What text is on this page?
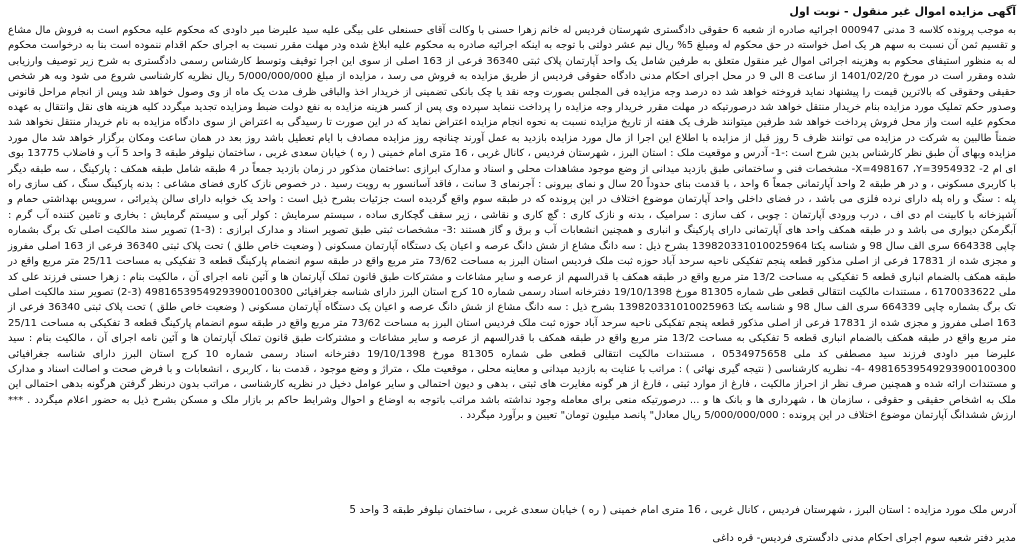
آگهی مزایده اموال غیر منقول - نوبت اول

به موجب پرونده کلاسه 3 مدنی 000947 اجرائیه صادره از شعبه 6 حقوقی دادگستری شهرستان فردیس له خانم زهرا حسنی با وکالت آقای حسنعلی علی بیگی علیه سید علیرضا میر داودی که محکوم علیه محکوم است به فروش مال مشاع و تقسیم ثمن آن نسبت به سهم هر یک اصل خواسته در حق محکوم له ومبلغ 5% ریال نیم عشر دولتی با توجه به اینکه اجرائیه صادره به محکوم علیه ابلاغ شده ودر مهلت مقرر نسبت به اجرای حکم اقدام ننموده است بنا به درخواست محکوم له به منظور استیفای محکوم به وهزینه اجرائی اموال غیر منقول متعلق به طرفین شامل یک واحد آپارتمان پلاک ثبتی 36340 فرعی از 163 اصلی از سوی این اجرا توقیف وتوسط کارشناس رسمی دادگستری به شرح زیر توصیف وارزیابی شده ومقرر است در مورخ 1401/02/20 از ساعت 8 الی 9 در محل اجرای احکام مدنی دادگاه حقوقی فردیس از طریق مزایده به فروش می رسد ، مزایده از مبلغ 5/000/000/000 ریال نظریه کارشناسی شروع می شود وبه هر شخص حقیقی وحقوقی که بالاترین قیمت را پیشنهاد نماید فروخته خواهد شد ده درصد وجه مزایده فی المجلس بصورت وجه نقد یا چک بانکی تضمینی از خریدار اخذ والباقی ظرف مدت یک ماه از وی وصول خواهد شد وپس از انجام مراحل قانونی وصدور حکم تملیک مورد مزایده بنام خریدار منتقل خواهد شد درصورتیکه در مهلت مقرر خریدار وجه مزایده را پرداخت ننماید سپرده وی پس از کسر هزینه مزایده به نفع دولت ضبط ومزایده تجدید میگردد کلیه هزینه های نقل وانتقال به عهده محکوم علیه است واز محل فروش پرداخت خواهد شد طرفین میتوانند ظرف یک هفته از تاریخ مزایده نسبت به نحوه انجام مزایده اعتراض نماید که در این صورت تا رسیدگی به اعتراض از سوی دادگاه مزایده به نام خریدار منتقل نخواهد شد ضمناً طالبین به شرکت در مزایده می توانند ظرف 5 روز قبل از مزایده با اطلاع این اجرا از مال مورد مزایده بازدید به عمل آورند چنانچه روز مزایده مصادف با ایام تعطیل باشد روز بعد در همان ساعت ومکان برگزار خواهد شد مال مورد مزایده وبهای آن طبق نظر کارشناس بدین شرح است :-1- آدرس و موقعیت ملک : استان البرز ، شهرستان فردیس ، کانال غربی ، 16 متری امام خمینی ( ره ) خیابان سعدی غربی ، ساختمان نیلوفر طبقه 3 واحد 5 آب و فاضلاب 13775 بوی ای ام X=498167 ،Y=3954932 -2- مشخصات فنی و ساختمانی طبق بازدید میدانی از وضع موجود مشاهدات محلی و اسناد و مدارک ابرازی :ساختمان مذکور در زمان بازدید جمعاً در 4 طبقه شامل طبقه همکف : پارکینگ ، سه طبقه دیگر با کاربری مسکونی ، و در هر طبقه 2 واحد آپارتمانی جمعاً 6 واحد ، با قدمت بنای حدوداً 20 سال و نمای بیرونی : آجرنمای 3 سانت ، فاقد آسانسور به رویت رسید . در خصوص نازک کاری فضای مشاعی : بدنه پارکینگ سنگ ، کف سازی راه پله : سنگ و راه پله دارای نرده فلزی می باشد ، در فضای داخلی واحد آپارتمان موضوع اختلاف در این پرونده که در طبقه سوم واقع گردیده است جزئیات بشرح ذیل است : واحد یک خوابه دارای سالن پذیرائی ، سرویس بهداشتی حمام و آشپزخانه با کابینت ام دی اف ، درب ورودی آپارتمان : چوبی ، کف سازی : سرامیک ، بدنه و نازک کاری : گچ کاری و نقاشی ، زیر سقف گچکاری ساده ، سیستم سرمایش : کولر آبی و سیستم گرمایش : بخاری و تامین کننده آب گرم : آبگرمکن دیواری می باشد و در طبقه همکف واحد های آپارتمانی دارای پارکینگ و انباری و همچنین انشعابات آب و برق و گاز هستند :3- مشخصات ثبتی طبق تصویر اسناد و مدارک ابرازی : (3-1) تصویر سند مالکیت اصلی تک برگ بشماره چاپی 664338 سری الف سال 98 و شناسه یکتا 139820331010025964 بشرح ذیل : سه دانگ مشاع از شش دانگ عرصه و اعیان یک دستگاه آپارتمان مسکونی ( وضعیت خاص طلق ) تحت پلاک ثبتی 36340 فرعی از 163 اصلی مفروز و مجزی شده از 17831 فرعی از اصلی مذکور قطعه پنجم تفکیکی ناحیه سرحد آباد حوزه ثبت ملک فردیس استان البرز به مساحت 73/62 متر مربع واقع در طبقه سوم انضمام پارکینگ قطعه 3 تفکیکی به مساحت 25/11 متر مربع واقع در طبقه همکف بالضمام انباری قطعه 5 تفکیکی به مساحت 13/2 متر مربع واقع در طبقه همکف با قدرالسهم از عرصه و سایر مشاعات و مشترکات طبق قانون تملک آپارتمان ها و آئین نامه اجرای آن ، مالکیت بنام : زهرا حسنی فرزند علی کد ملی 6170033622 ، مستندات مالکیت انتقالی قطعی طی شماره 81305 مورخ 19/10/1398 دفترخانه اسناد رسمی شماره 10 کرج استان البرز دارای شناسه جغرافیائی 49816539549293900100300 (3-2) تصویر سند مالکیت اصلی تک برگ بشماره چاپی 664339 سری الف سال 98 و شناسه یکتا 139820331010025963 بشرح ذیل : سه دانگ مشاع از شش دانگ عرصه و اعیان یک دستگاه آپارتمان مسکونی ( وضعیت خاص طلق ) تحت پلاک ثبتی 36340 فرعی از 163 اصلی مفروز و مجزی شده از 17831 فرعی از اصلی مذکور قطعه پنجم تفکیکی ناحیه سرحد آباد حوزه ثبت ملک فردیس استان البرز به مساحت 73/62 متر مربع واقع در طبقه سوم انضمام پارکینگ قطعه 3 تفکیکی به مساحت 25/11 متر مربع واقع در طبقه همکف بالضمام انباری قطعه 5 تفکیکی به مساحت 13/2 متر مربع واقع در طبقه همکف با قدرالسهم از عرصه و سایر مشاعات و مشترکات طبق قانون تملک آپارتمان ها و آئین نامه اجرای آن ، مالکیت بنام : سید علیرضا میر داودی فرزند سید مصطفی کد ملی 0534975658 ، مستندات مالکیت انتقالی قطعی طی شماره 81305 مورخ 19/10/1398 دفترخانه اسناد رسمی شماره 10 کرج استان البرز دارای شناسه جغرافیائی 49816539549293900100300 -4- نظریه کارشناسی ( نتیجه گیری نهائی ) : مراتب با عنایت به بازدید میدانی و معاینه محلی ، موقعیت ملک ، متراژ و وضع موجود ، قدمت بنا ، کاربری ، انشعابات و با فرض صحت و اصالت اسناد و مدارک و مستندات ارائه شده و همچنین صرف نظر از احراز مالکیت ، فارغ از موارد ثبتی ، فارغ از هر گونه مغایرت های ثبتی ، بدهی و دیون احتمالی و سایر عوامل دخیل در نظریه کارشناسی ، مراتب بدون درنظر گرفتن هرگونه بدهی احتمالی این ملک به اشخاص حقیقی و حقوقی ، سازمان ها ، شهرداری ها و بانک ها و ... درصورتیکه منعی برای معامله وجود نداشته باشد مراتب باتوجه به اوضاع و احوال وشرایط حاکم بر بازار ملک و مسکن بشرح ذیل به حضور اعلام میگردد . *** ارزش ششدانگ آپارتمان موضوع اختلاف در این پرونده : 5/000/000/000 ریال معادل" پانصد میلیون تومان" تعیین و برآورد میگردد .

آدرس ملک مورد مزایده : استان البرز ، شهرستان فردیس ، کانال غربی ، 16 متری امام خمینی ( ره ) خیابان سعدی غربی ، ساختمان نیلوفر طبقه 3 واحد 5
مدیر دفتر شعبه سوم اجرای احکام مدنی دادگستری فردیس- قره داغی
